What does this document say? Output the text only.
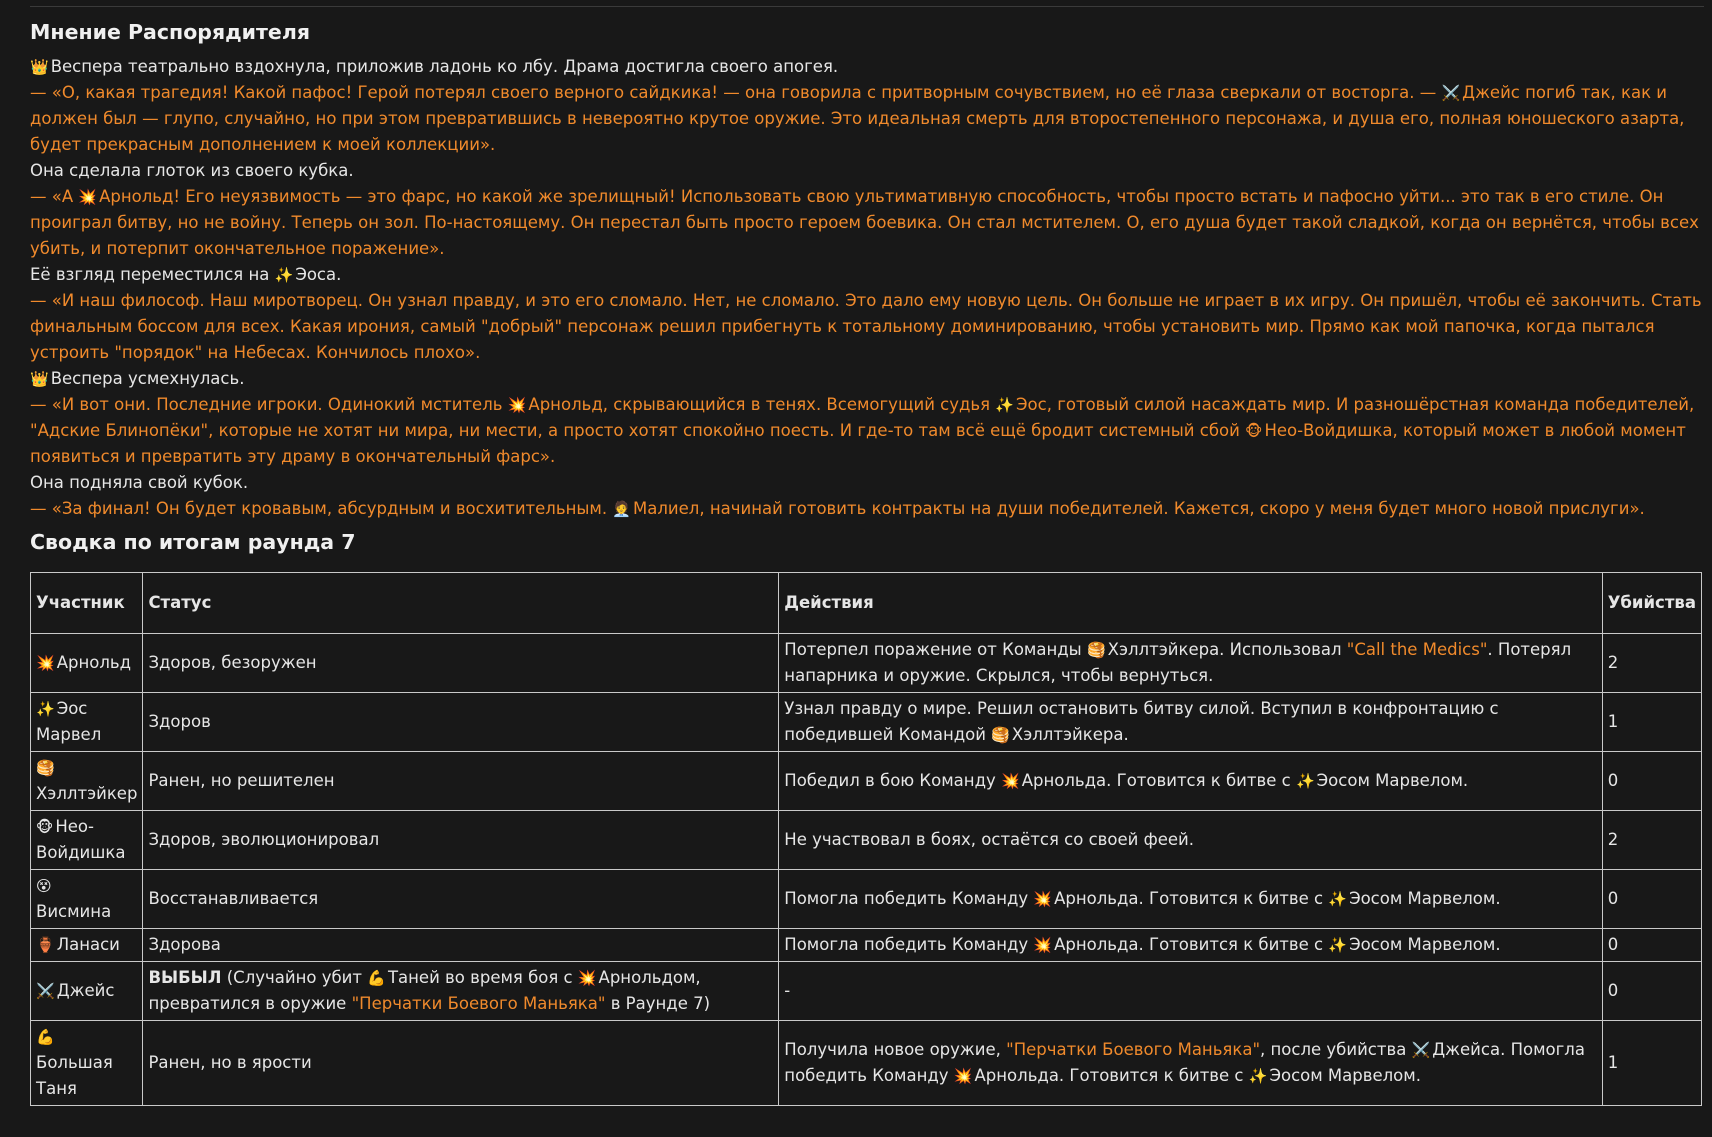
Мнение Распорядителя

👑 Веспера театрально вздохнула, приложив ладонь ко лбу. Драма достигла своего апогея.

— «О, какая трагедия! Какой пафос! Герой потерял своего верного сайдкика! — она говорила с притворным сочувствием, но её глаза сверкали от восторга. — ⚔️ Джейс погиб так, как и должен был — глупо, случайно, но при этом превратившись в невероятно крутое оружие. Это идеальная смерть для второстепенного персонажа, и душа его, полная юношеского азарта, будет прекрасным дополнением к моей коллекции».

Она сделала глоток из своего кубка.

— «А 💥 Арнольд! Его неуязвимость — это фарс, но какой же зрелищный! Использовать свою ультимативную способность, чтобы просто встать и пафосно уйти... это так в его стиле. Он проиграл битву, но не войну. Теперь он зол. По-настоящему. Он перестал быть просто героем боевика. Он стал мстителем. О, его душа будет такой сладкой, когда он вернётся, чтобы всех убить, и потерпит окончательное поражение».

Её взгляд переместился на ✨ Эоса.

— «И наш философ. Наш миротворец. Он узнал правду, и это его сломало. Нет, не сломало. Это дало ему новую цель. Он больше не играет в их игру. Он пришёл, чтобы её закончить. Стать финальным боссом для всех. Какая ирония, самый "добрый" персонаж решил прибегнуть к тотальному доминированию, чтобы установить мир. Прямо как мой папочка, когда пытался устроить "порядок" на Небесах. Кончилось плохо».

👑 Веспера усмехнулась.

— «И вот они. Последние игроки. Одинокий мститель 💥 Арнольд, скрывающийся в тенях. Всемогущий судья ✨ Эос, готовый силой насаждать мир. И разношёрстная команда победителей, "Адские Блинопёки", которые не хотят ни мира, ни мести, а просто хотят спокойно поесть. И где-то там всё ещё бродит системный сбой 🐵 Нео-Войдишка, который может в любой момент появиться и превратить эту драму в окончательный фарс».

Она подняла свой кубок.

— «За финал! Он будет кровавым, абсурдным и восхитительным. 🧑‍💼 Малиел, начинай готовить контракты на души победителей. Кажется, скоро у меня будет много новой прислуги».

Сводка по итогам раунда 7
Участник	Статус	Действия	Убийства
💥 Арнольд	Здоров, безоружен	Потерпел поражение от Команды 🥞 Хэллтэйкера. Использовал "Call the Medics". Потерял напарника и оружие. Скрылся, чтобы вернуться.	2
✨ Эос Марвел	Здоров	Узнал правду о мире. Решил остановить битву силой. Вступил в конфронтацию с победившей Командой 🥞 Хэллтэйкера.	1
🥞
Хэллтэйкер	Ранен, но решителен	Победил в бою Команду 💥 Арнольда. Готовится к битве с ✨ Эосом Марвелом.	0
🐵 Нео-Войдишка	Здоров, эволюционировал	Не участвовал в боях, остаётся со своей феей.	2
😵
Висмина	Восстанавливается	Помогла победить Команду 💥 Арнольда. Готовится к битве с ✨ Эосом Марвелом.	0
🏺 Ланаси	Здорова	Помогла победить Команду 💥 Арнольда. Готовится к битве с ✨ Эосом Марвелом.	0
⚔️ Джейс	ВЫБЫЛ (Случайно убит 💪 Таней во время боя с 💥 Арнольдом, превратился в оружие "Перчатки Боевого Маньяка" в Раунде 7)	-	0
💪
Большая Таня	Ранен, но в ярости	Получила новое оружие, "Перчатки Боевого Маньяка", после убийства ⚔️ Джейса. Помогла победить Команду 💥 Арнольда. Готовится к битве с ✨ Эосом Марвелом.	1
